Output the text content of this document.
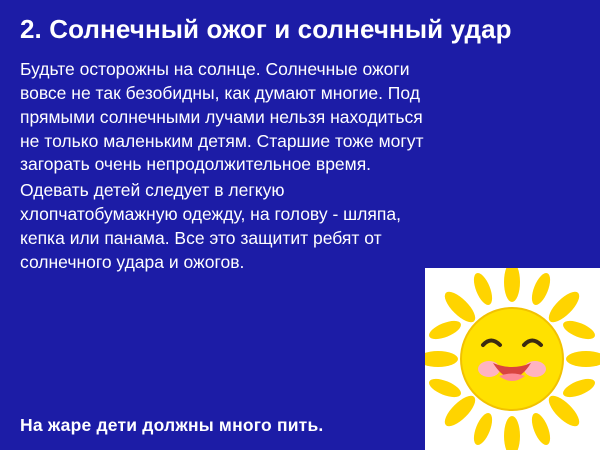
2. Солнечный ожог и солнечный удар

Будьте осторожны на солнце. Солнечные ожоги вовсе не так безобидны, как думают многие. Под прямыми солнечными лучами нельзя находиться не только маленьким детям. Старшие тоже могут загорать очень непродолжительное время.

Одевать детей следует в легкую хлопчатобумажную одежду, на голову - шляпа, кепка или панама. Все это защитит ребят от солнечного удара и ожогов.

На жаре дети должны много пить.
